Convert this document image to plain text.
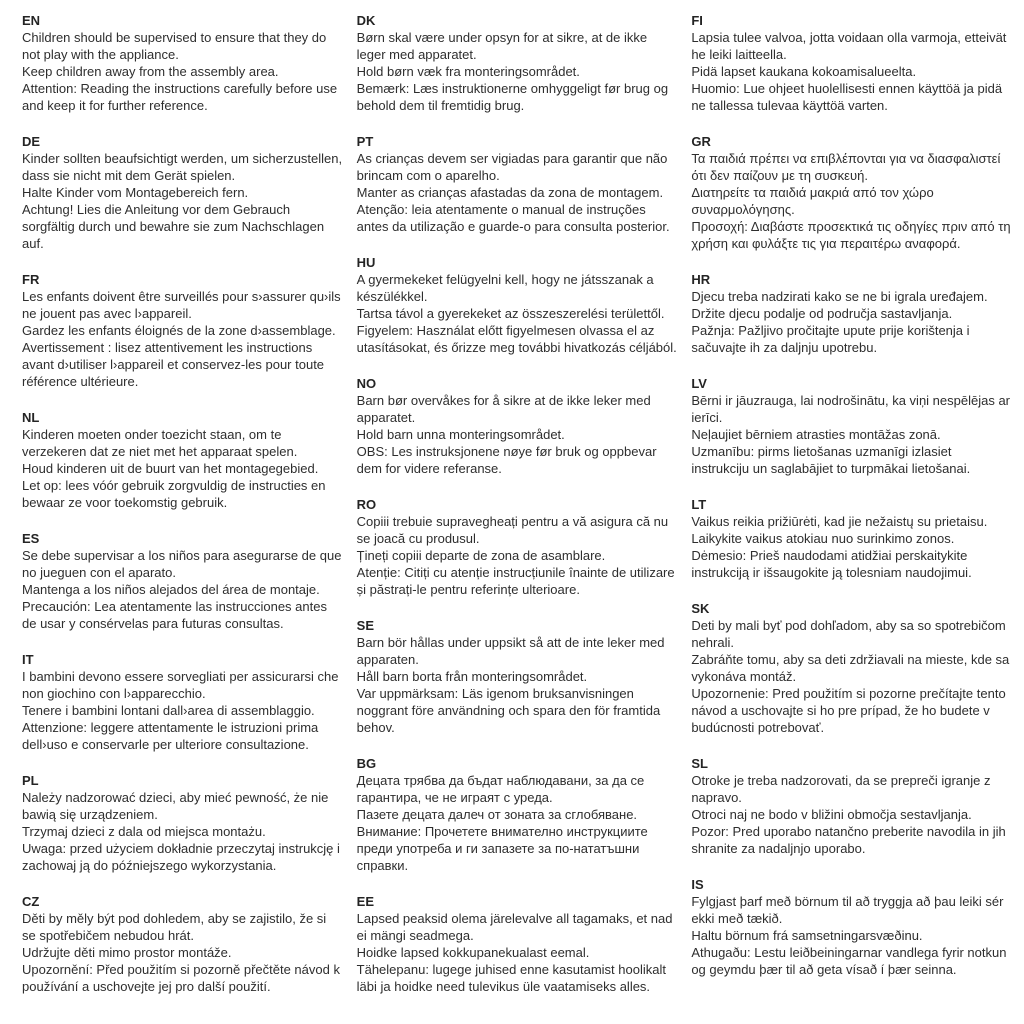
EN
Children should be supervised to ensure that they do not play with the appliance.
Keep children away from the assembly area.
Attention: Reading the instructions carefully before use and keep it for further reference.
DE
Kinder sollten beaufsichtigt werden, um sicherzustellen, dass sie nicht mit dem Gerät spielen.
Halte Kinder vom Montagebereich fern.
Achtung! Lies die Anleitung vor dem Gebrauch sorgfältig durch und bewahre sie zum Nachschlagen auf.
FR
Les enfants doivent être surveillés pour s›assurer qu›ils ne jouent pas avec l›appareil.
Gardez les enfants éloignés de la zone d›assemblage.
Avertissement : lisez attentivement les instructions avant d›utiliser l›appareil et conservez-les pour toute référence ultérieure.
NL
Kinderen moeten onder toezicht staan, om te verzekeren dat ze niet met het apparaat spelen.
Houd kinderen uit de buurt van het montagegebied.
Let op: lees vóór gebruik zorgvuldig de instructies en bewaar ze voor toekomstig gebruik.
ES
Se debe supervisar a los niños para asegurarse de que no jueguen con el aparato.
Mantenga a los niños alejados del área de montaje.
Precaución: Lea atentamente las instrucciones antes de usar y consérvelas para futuras consultas.
IT
I bambini devono essere sorvegliati per assicurarsi che non giochino con l›apparecchio.
Tenere i bambini lontani dall›area di assemblaggio.
Attenzione: leggere attentamente le istruzioni prima dell›uso e conservarle per ulteriore consultazione.
PL
Należy nadzorować dzieci, aby mieć pewność, że nie bawią się urządzeniem.
Trzymaj dzieci z dala od miejsca montażu.
Uwaga: przed użyciem dokładnie przeczytaj instrukcję i zachowaj ją do późniejszego wykorzystania.
CZ
Děti by měly být pod dohledem, aby se zajistilo, že si se spotřebičem nebudou hrát.
Udržujte děti mimo prostor montáže.
Upozornění: Před použitím si pozorně přečtěte návod k používání a uschovejte jej pro další použití.
DK
Børn skal være under opsyn for at sikre, at de ikke leger med apparatet.
Hold børn væk fra monteringsområdet.
Bemærk: Læs instruktionerne omhyggeligt før brug og behold dem til fremtidig brug.
PT
As crianças devem ser vigiadas para garantir que não brincam com o aparelho.
Manter as crianças afastadas da zona de montagem.
Atenção: leia atentamente o manual de instruções antes da utilização e guarde-o para consulta posterior.
HU
A gyermekeket felügyelni kell, hogy ne játsszanak a készülékkel.
Tartsa távol a gyerekeket az összeszerelési területtől.
Figyelem: Használat előtt figyelmesen olvassa el az utasításokat, és őrizze meg további hivatkozás céljából.
NO
Barn bør overvåkes for å sikre at de ikke leker med apparatet.
Hold barn unna monteringsområdet.
OBS: Les instruksjonene nøye før bruk og oppbevar dem for videre referanse.
RO
Copiii trebuie supravegheați pentru a vă asigura că nu se joacă cu produsul.
Țineți copiii departe de zona de asamblare.
Atenție: Citiți cu atenție instrucțiunile înainte de utilizare și păstrați-le pentru referințe ulterioare.
SE
Barn bör hållas under uppsikt så att de inte leker med apparaten.
Håll barn borta från monteringsområdet.
Var uppmärksam: Läs igenom bruksanvisningen noggrant före användning och spara den för framtida behov.
BG
Децата трябва да бъдат наблюдавани, за да се гарантира, че не играят с уреда.
Пазете децата далеч от зоната за сглобяване.
Внимание: Прочетете внимателно инструкциите преди употреба и ги запазете за по-нататъшни справки.
EE
Lapsed peaksid olema järelevalve all tagamaks, et nad ei mängi seadmega.
Hoidke lapsed kokkupanekualast eemal.
Tähelepanu: lugege juhised enne kasutamist hoolikalt läbi ja hoidke need tulevikus üle vaatamiseks alles.
FI
Lapsia tulee valvoa, jotta voidaan olla varmoja, etteivät he leiki laitteella.
Pidä lapset kaukana kokoamisalueelta.
Huomio: Lue ohjeet huolellisesti ennen käyttöä ja pidä ne tallessa tulevaa käyttöä varten.
GR
Τα παιδιά πρέπει να επιβλέπονται για να διασφαλιστεί ότι δεν παίζουν με τη συσκευή.
Διατηρείτε τα παιδιά μακριά από τον χώρο συναρμολόγησης.
Προσοχή: Διαβάστε προσεκτικά τις οδηγίες πριν από τη χρήση και φυλάξτε τις για περαιτέρω αναφορά.
HR
Djecu treba nadzirati kako se ne bi igrala uređajem.
Držite djecu podalje od područja sastavljanja.
Pažnja: Pažljivo pročitajte upute prije korištenja i sačuvajte ih za daljnju upotrebu.
LV
Bērni ir jāuzrauga, lai nodrošinātu, ka viņi nespēlējas ar ierīci.
Neļaujiet bērniem atrasties montāžas zonā.
Uzmanību: pirms lietošanas uzmanīgi izlasiet instrukciju un saglabājiet to turpmākai lietošanai.
LT
Vaikus reikia prižiūrėti, kad jie nežaistų su prietaisu.
Laikykite vaikus atokiau nuo surinkimo zonos.
Dėmesio: Prieš naudodami atidžiai perskaitykite instrukciją ir išsaugokite ją tolesniam naudojimui.
SK
Deti by mali byť pod dohľadom, aby sa so spotrebičom nehrali.
Zabráňte tomu, aby sa deti zdržiavali na mieste, kde sa vykonáva montáž.
Upozornenie: Pred použitím si pozorne prečítajte tento návod a uschovajte si ho pre prípad, že ho budete v budúcnosti potrebovať.
SL
Otroke je treba nadzorovati, da se prepreči igranje z napravo.
Otroci naj ne bodo v bližini območja sestavljanja.
Pozor: Pred uporabo natančno preberite navodila in jih shranite za nadaljnjo uporabo.
IS
Fylgjast þarf með börnum til að tryggja að þau leiki sér ekki með tækið.
Haltu börnum frá samsetningarsvæðinu.
Athugaðu: Lestu leiðbeiningarnar vandlega fyrir notkun og geymdu þær til að geta vísað í þær seinna.
